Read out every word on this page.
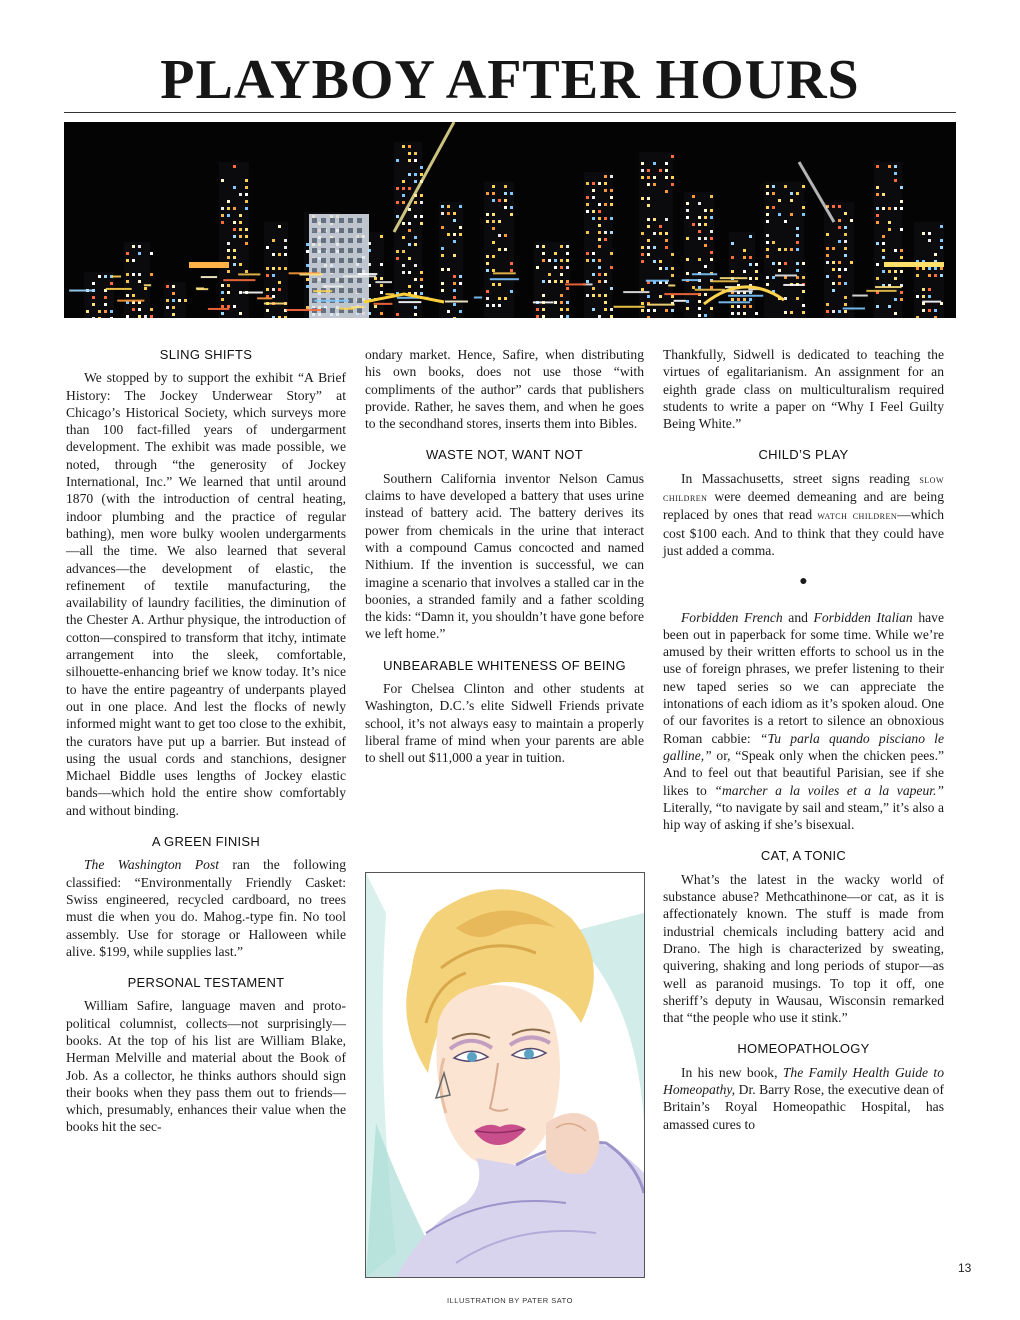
PLAYBOY AFTER HOURS
SLING SHIFTS

We stopped by to support the exhibit “A Brief History: The Jockey Underwear Story” at Chicago’s Historical Society, which surveys more than 100 fact-filled years of undergarment development. The exhibit was made possible, we noted, through “the generosity of Jockey International, Inc.” We learned that until around 1870 (with the introduction of central heating, indoor plumbing and the practice of regular bathing), men wore bulky woolen undergarments—all the time. We also learned that several advances—the development of elastic, the refinement of textile manufacturing, the availability of laundry facilities, the diminution of the Chester A. Arthur physique, the introduction of cotton—conspired to transform that itchy, intimate arrangement into the sleek, comfortable, silhouette-enhancing brief we know today. It’s nice to have the entire pageantry of underpants played out in one place. And lest the flocks of newly informed might want to get too close to the exhibit, the curators have put up a barrier. But instead of using the usual cords and stanchions, designer Michael Biddle uses lengths of Jockey elastic bands—which hold the entire show comfortably and without binding.

A GREEN FINISH

The Washington Post ran the following classified: “Environmentally Friendly Casket: Swiss engineered, recycled cardboard, no trees must die when you do. Mahog.-type fin. No tool assembly. Use for storage or Halloween while alive. $199, while supplies last.”

PERSONAL TESTAMENT

William Safire, language maven and proto-political columnist, collects—not surprisingly—books. At the top of his list are William Blake, Herman Melville and material about the Book of Job. As a collector, he thinks authors should sign their books when they pass them out to friends—which, presumably, enhances their value when the books hit the sec-

ondary market. Hence, Safire, when distributing his own books, does not use those “with compliments of the author” cards that publishers provide. Rather, he saves them, and when he goes to the secondhand stores, inserts them into Bibles.

WASTE NOT, WANT NOT

Southern California inventor Nelson Camus claims to have developed a battery that uses urine instead of battery acid. The battery derives its power from chemicals in the urine that interact with a compound Camus concocted and named Nithium. If the invention is successful, we can imagine a scenario that involves a stalled car in the boonies, a stranded family and a father scolding the kids: “Damn it, you shouldn’t have gone before we left home.”

UNBEARABLE WHITENESS OF BEING

For Chelsea Clinton and other students at Washington, D.C.’s elite Sidwell Friends private school, it’s not always easy to maintain a properly liberal frame of mind when your parents are able to shell out $11,000 a year in tuition.

Thankfully, Sidwell is dedicated to teaching the virtues of egalitarianism. An assignment for an eighth grade class on multiculturalism required students to write a paper on “Why I Feel Guilty Being White.”

CHILD’S PLAY

In Massachusetts, street signs reading slow children were deemed demeaning and are being replaced by ones that read watch children—which cost $100 each. And to think that they could have just added a comma.

●

Forbidden French and Forbidden Italian have been out in paperback for some time. While we’re amused by their written efforts to school us in the use of foreign phrases, we prefer listening to their new taped series so we can appreciate the intonations of each idiom as it’s spoken aloud. One of our favorites is a retort to silence an obnoxious Roman cabbie: “Tu parla quando pisciano le galline,” or, “Speak only when the chicken pees.” And to feel out that beautiful Parisian, see if she likes to “marcher a la voiles et a la vapeur.” Literally, “to navigate by sail and steam,” it’s also a hip way of asking if she’s bisexual.

CAT, A TONIC

What’s the latest in the wacky world of substance abuse? Methcathinone—or cat, as it is affectionately known. The stuff is made from industrial chemicals including battery acid and Drano. The high is characterized by sweating, quivering, shaking and long periods of stupor—as well as paranoid musings. To top it off, one sheriff’s deputy in Wausau, Wisconsin remarked that “the people who use it stink.”

HOMEOPATHOLOGY

In his new book, The Family Health Guide to Homeopathy, Dr. Barry Rose, the executive dean of Britain’s Royal Homeopathic Hospital, has amassed cures to

13
ILLUSTRATION BY PATER SATO
